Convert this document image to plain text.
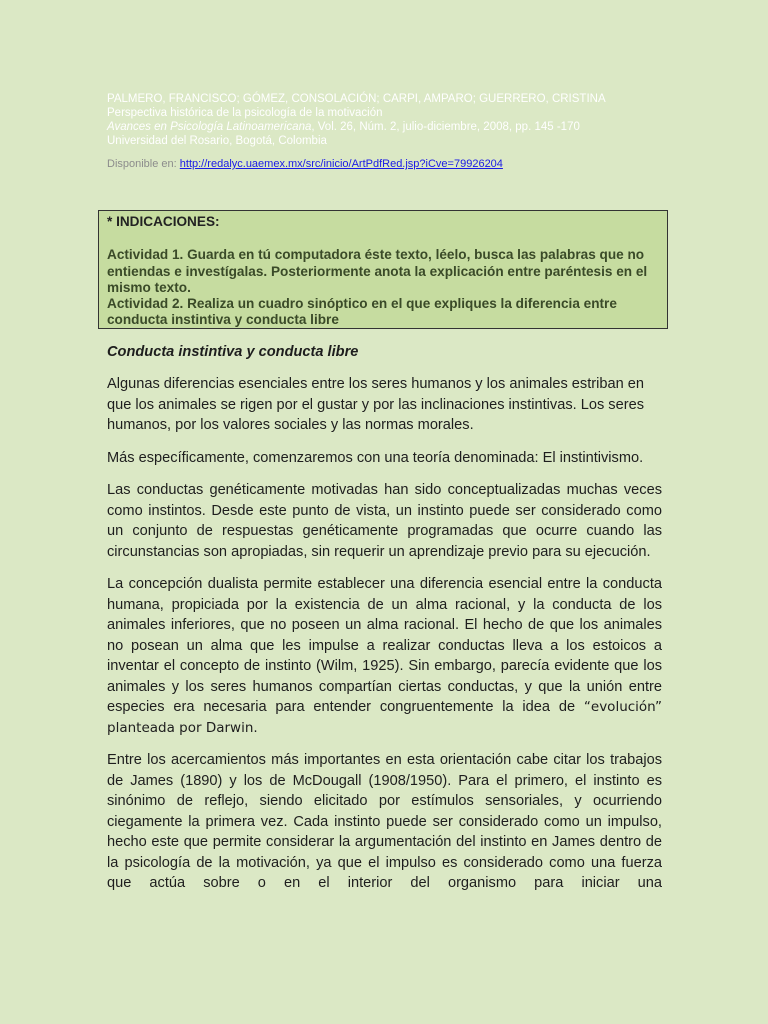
PALMERO, FRANCISCO; GÓMEZ, CONSOLACIÓN; CARPI, AMPARO; GUERRERO, CRISTINA
Perspectiva histórica de la psicología de la motivación
Avances en Psicología Latinoamericana, Vol. 26, Núm. 2, julio-diciembre, 2008, pp. 145 -170
Universidad del Rosario, Bogotá, Colombia
Disponible en: http://redalyc.uaemex.mx/src/inicio/ArtPdfRed.jsp?iCve=79926204
* INDICACIONES:
Actividad 1. Guarda en tú computadora éste texto, léelo, busca las palabras que no entiendas e investígalas. Posteriormente anota la explicación entre paréntesis en el mismo texto.
Actividad 2. Realiza un cuadro sinóptico en el que expliques la diferencia entre conducta instintiva y conducta libre
Conducta instintiva y conducta libre

Algunas diferencias esenciales entre los seres humanos y los animales estriban en que los animales se rigen por el gustar y por las inclinaciones instintivas. Los seres humanos, por los valores sociales y las normas morales.

Más específicamente, comenzaremos con una teoría denominada: El instintivismo.

Las conductas genéticamente motivadas han sido conceptualizadas muchas veces como instintos. Desde este punto de vista, un instinto puede ser considerado como un conjunto de respuestas genéticamente programadas que ocurre cuando las circunstancias son apropiadas, sin requerir un aprendizaje previo para su ejecución.

La concepción dualista permite establecer una diferencia esencial entre la conducta humana, propiciada por la existencia de un alma racional, y la conducta de los animales inferiores, que no poseen un alma racional. El hecho de que los animales no posean un alma que les impulse a realizar conductas lleva a los estoicos a inventar el concepto de instinto (Wilm, 1925). Sin embargo, parecía evidente que los animales y los seres humanos compartían ciertas conductas, y que la unión entre especies era necesaria para entender congruentemente la idea de “evolución” planteada por Darwin.

Entre los acercamientos más importantes en esta orientación cabe citar los trabajos de James (1890) y los de McDougall (1908/1950). Para el primero, el instinto es sinónimo de reflejo, siendo elicitado por estímulos sensoriales, y ocurriendo ciegamente la primera vez. Cada instinto puede ser considerado como un impulso, hecho este que permite considerar la argumentación del instinto en James dentro de la psicología de la motivación, ya que el impulso es considerado como una fuerza que actúa sobre o en el interior del organismo para iniciar una
